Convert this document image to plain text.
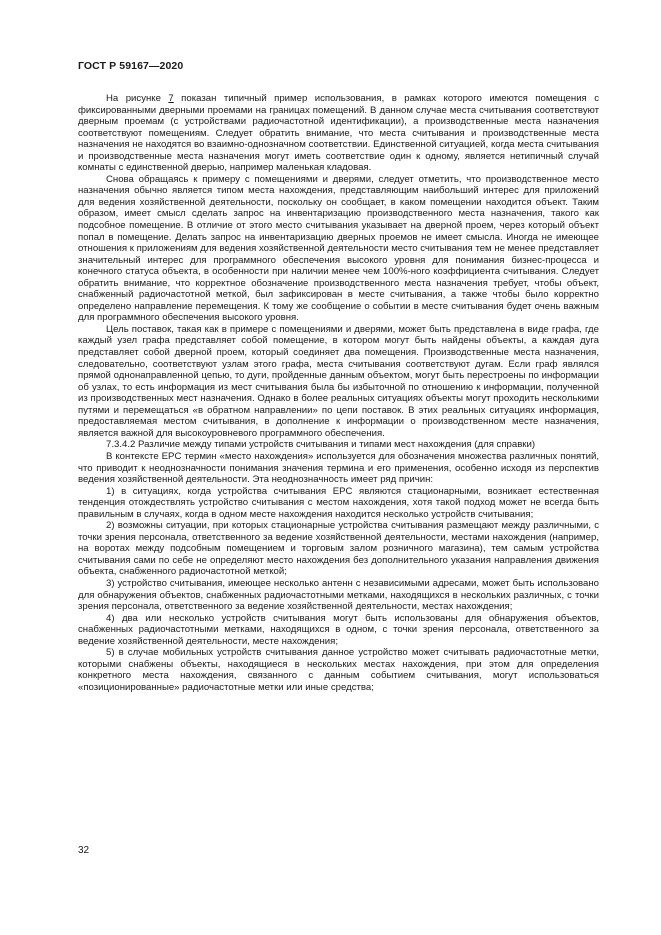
ГОСТ Р 59167—2020

На рисунке 7 показан типичный пример использования, в рамках которого имеются помещения с фиксированными дверными проемами на границах помещений. В данном случае места считывания соответствуют дверным проемам (с устройствами радиочастотной идентификации), а производственные места назначения соответствуют помещениям. Следует обратить внимание, что места считывания и производственные места назначения не находятся во взаимно-однозначном соответствии. Единственной ситуацией, когда места считывания и производственные места назначения могут иметь соответствие один к одному, является нетипичный случай комнаты с единственной дверью, например маленькая кладовая.

Снова обращаясь к примеру с помещениями и дверями, следует отметить, что производственное место назначения обычно является типом места нахождения, представляющим наибольший интерес для приложений для ведения хозяйственной деятельности, поскольку он сообщает, в каком помещении находится объект. Таким образом, имеет смысл сделать запрос на инвентаризацию производственного места назначения, такого как подсобное помещение. В отличие от этого место считывания указывает на дверной проем, через который объект попал в помещение. Делать запрос на инвентаризацию дверных проемов не имеет смысла. Иногда не имеющее отношения к приложениям для ведения хозяйственной деятельности место считывания тем не менее представляет значительный интерес для программного обеспечения высокого уровня для понимания бизнес-процесса и конечного статуса объекта, в особенности при наличии менее чем 100%-ного коэффициента считывания. Следует обратить внимание, что корректное обозначение производственного места назначения требует, чтобы объект, снабженный радиочастотной меткой, был зафиксирован в месте считывания, а также чтобы было корректно определено направление перемещения. К тому же сообщение о событии в месте считывания будет очень важным для программного обеспечения высокого уровня.

Цель поставок, такая как в примере с помещениями и дверями, может быть представлена в виде графа, где каждый узел графа представляет собой помещение, в котором могут быть найдены объекты, а каждая дуга представляет собой дверной проем, который соединяет два помещения. Производственные места назначения, следовательно, соответствуют узлам этого графа, места считывания соответствуют дугам. Если граф являлся прямой однонаправленной цепью, то дуги, пройденные данным объектом, могут быть перестроены по информации об узлах, то есть информация из мест считывания была бы избыточной по отношению к информации, полученной из производственных мест назначения. Однако в более реальных ситуациях объекты могут проходить несколькими путями и перемещаться «в обратном направлении» по цепи поставок. В этих реальных ситуациях информация, предоставляемая местом считывания, в дополнение к информации о производственном месте назначения, является важной для высокоуровневого программного обеспечения.

7.3.4.2 Различие между типами устройств считывания и типами мест нахождения (для справки)

В контексте EPC термин «место нахождения» используется для обозначения множества различных понятий, что приводит к неоднозначности понимания значения термина и его применения, особенно исходя из перспектив ведения хозяйственной деятельности. Эта неоднозначность имеет ряд причин:

1) в ситуациях, когда устройства считывания EPC являются стационарными, возникает естественная тенденция отождествлять устройство считывания с местом нахождения, хотя такой подход может не всегда быть правильным в случаях, когда в одном месте нахождения находится несколько устройств считывания;

2) возможны ситуации, при которых стационарные устройства считывания размещают между различными, с точки зрения персонала, ответственного за ведение хозяйственной деятельности, местами нахождения (например, на воротах между подсобным помещением и торговым залом розничного магазина), тем самым устройства считывания сами по себе не определяют место нахождения без дополнительного указания направления движения объекта, снабженного радиочастотной меткой;

3) устройство считывания, имеющее несколько антенн с независимыми адресами, может быть использовано для обнаружения объектов, снабженных радиочастотными метками, находящихся в нескольких различных, с точки зрения персонала, ответственного за ведение хозяйственной деятельности, местах нахождения;

4) два или несколько устройств считывания могут быть использованы для обнаружения объектов, снабженных радиочастотными метками, находящихся в одном, с точки зрения персонала, ответственного за ведение хозяйственной деятельности, месте нахождения;

5) в случае мобильных устройств считывания данное устройство может считывать радиочастотные метки, которыми снабжены объекты, находящиеся в нескольких местах нахождения, при этом для определения конкретного места нахождения, связанного с данным событием считывания, могут использоваться «позиционированные» радиочастотные метки или иные средства;

32
